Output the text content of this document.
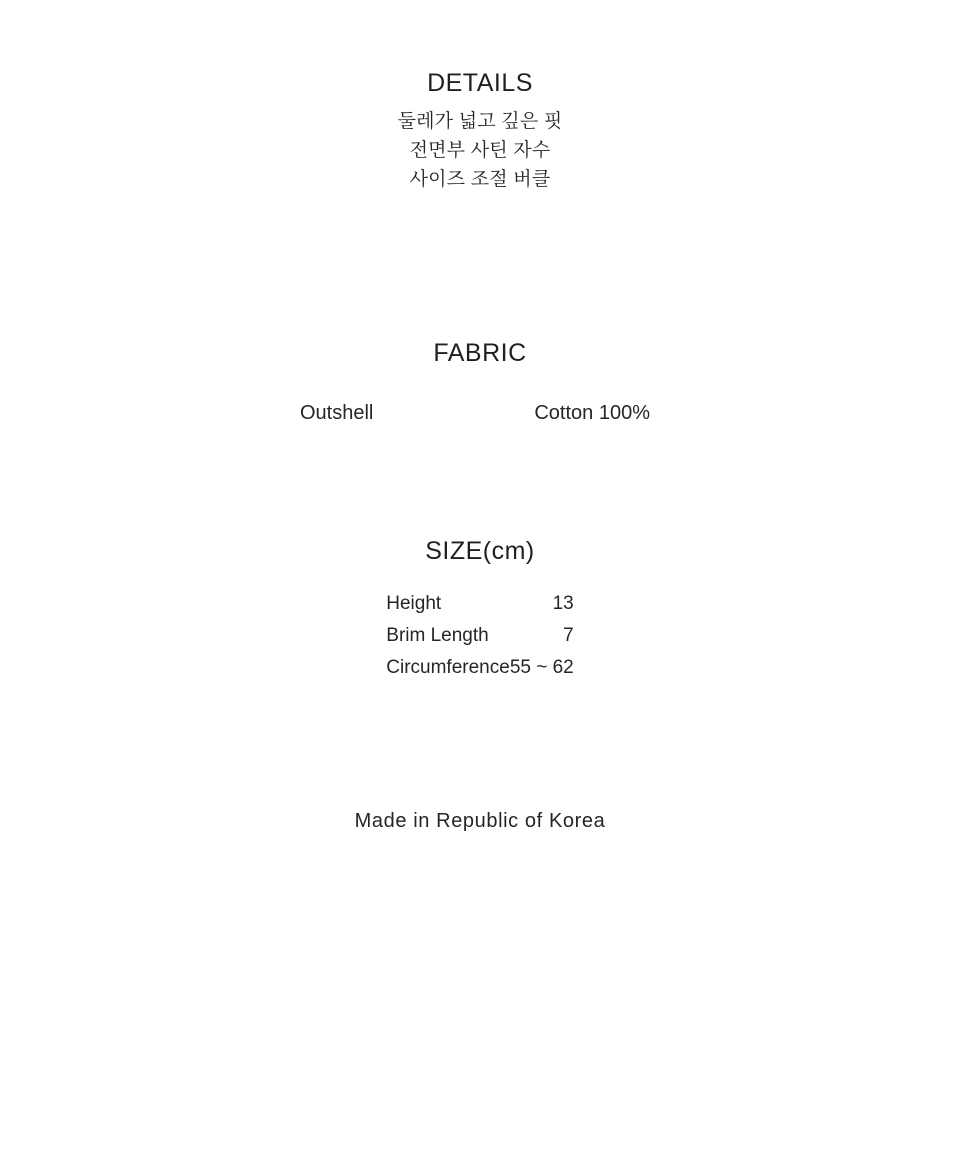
DETAILS
둘레가 넓고 깊은 핏
전면부 사틴 자수
사이즈 조절 버클
FABRIC
Outshell	Cotton 100%
SIZE(cm)
Height	13
Brim Length	7
Circumference	55 ~ 62
Made in Republic of Korea
